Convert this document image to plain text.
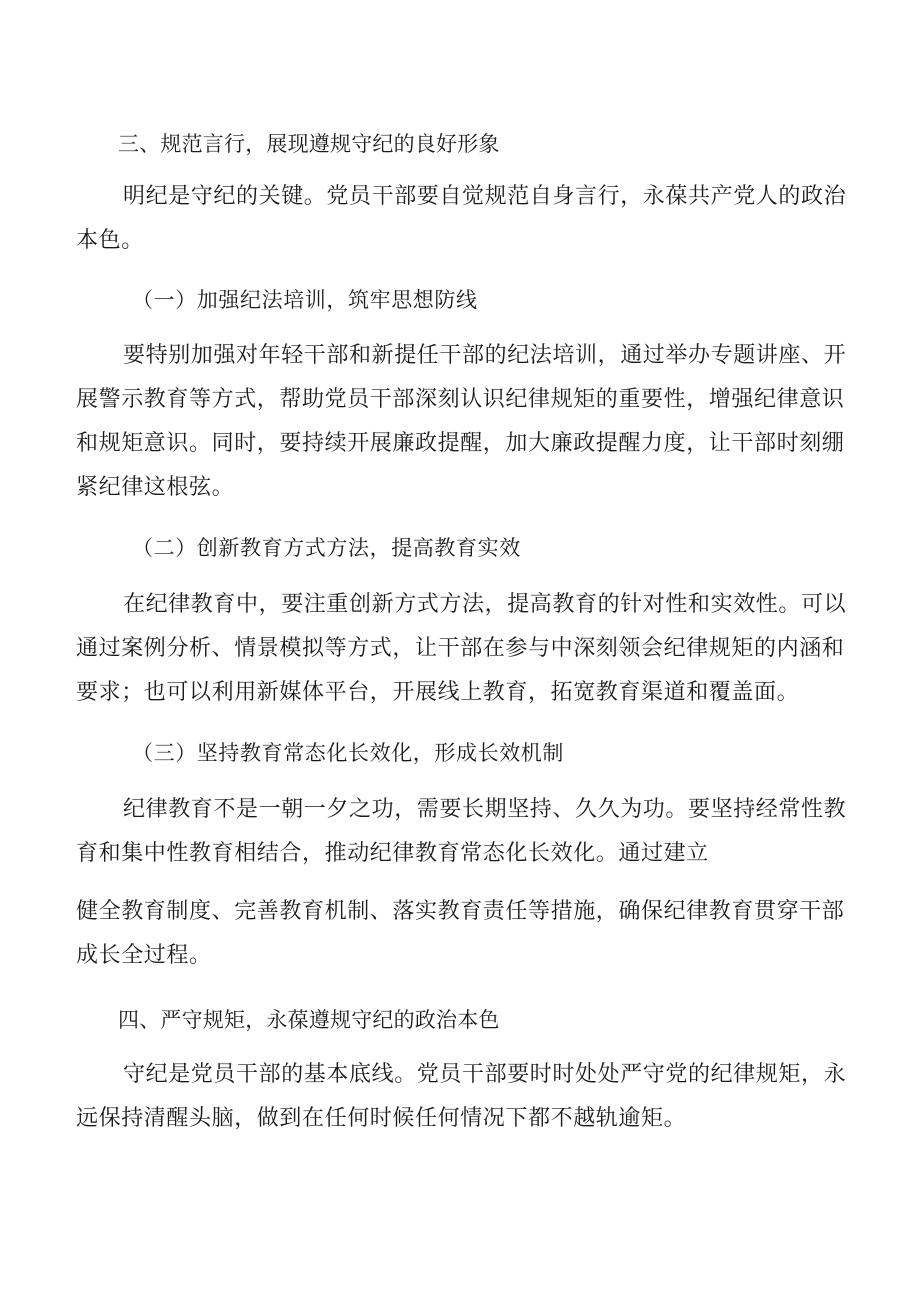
三、规范言行，展现遵规守纪的良好形象
明纪是守纪的关键。党员干部要自觉规范自身言行，永葆共产党人的政治
本色。
（一）加强纪法培训，筑牢思想防线
要特别加强对年轻干部和新提任干部的纪法培训，通过举办专题讲座、开
展警示教育等方式，帮助党员干部深刻认识纪律规矩的重要性，增强纪律意识
和规矩意识。同时，要持续开展廉政提醒，加大廉政提醒力度，让干部时刻绷
紧纪律这根弦。
（二）创新教育方式方法，提高教育实效
在纪律教育中，要注重创新方式方法，提高教育的针对性和实效性。可以
通过案例分析、情景模拟等方式，让干部在参与中深刻领会纪律规矩的内涵和
要求；也可以利用新媒体平台，开展线上教育，拓宽教育渠道和覆盖面。
（三）坚持教育常态化长效化，形成长效机制
纪律教育不是一朝一夕之功，需要长期坚持、久久为功。要坚持经常性教
育和集中性教育相结合，推动纪律教育常态化长效化。通过建立
健全教育制度、完善教育机制、落实教育责任等措施，确保纪律教育贯穿干部
成长全过程。
四、严守规矩，永葆遵规守纪的政治本色
守纪是党员干部的基本底线。党员干部要时时处处严守党的纪律规矩，永
远保持清醒头脑，做到在任何时候任何情况下都不越轨逾矩。
